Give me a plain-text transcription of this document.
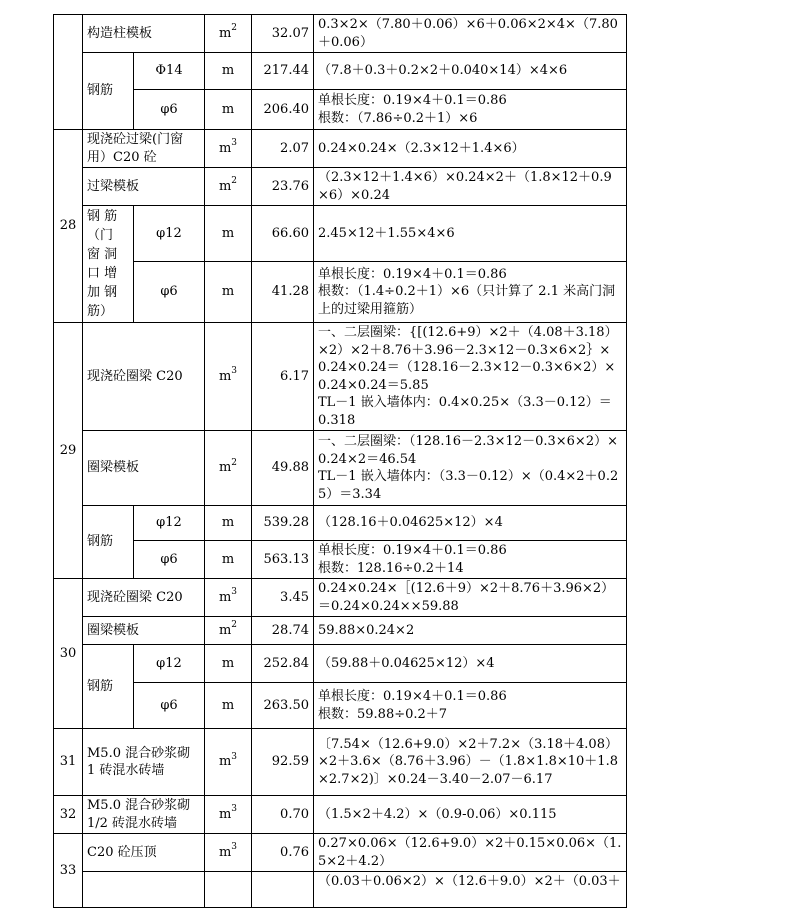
	构造柱模板		$m^2$	32.07	0.3×2×（7.80＋0.06）×6＋0.06×2×4×（7.80＋0.06）
	钢筋	Φ14	m	217.44	（7.8＋0.3＋0.2×2＋0.040×14）×4×6
		φ6	m	206.40	单根长度：0.19×4＋0.1＝0.86
根数：（7.86÷0.2＋1）×6
28	现浇砼过梁(门窗用）C20 砼		$m^3$	2.07	0.24×0.24×（2.3×12＋1.4×6）
	过梁模板		$m^2$	23.76	（2.3×12＋1.4×6）×0.24×2＋（1.8×12＋0.9×6）×0.24
	钢 筋 （门 窗 洞 口 增 加 钢 筋）	φ12	m	66.60	2.45×12＋1.55×4×6
		φ6	m	41.28	单根长度：0.19×4＋0.1＝0.86
根数：（1.4÷0.2＋1）×6（只计算了 2.1 米高门洞上的过梁用箍筋）
29	现浇砼圈梁 C20		$m^3$	6.17	一、二层圈梁：{[(12.6+9）×2＋（4.08＋3.18）×2）×2＋8.76＋3.96－2.3×12－0.3×6×2｝×0.24×0.24＝（128.16－2.3×12－0.3×6×2）×0.24×0.24＝5.85
TL－1 嵌入墙体内：0.4×0.25×（3.3－0.12）＝0.318
	圈梁模板		$m^2$	49.88	一、二层圈梁：（128.16－2.3×12－0.3×6×2）×0.24×2＝46.54
TL－1 嵌入墙体内：（3.3－0.12）×（0.4×2＋0.25）＝3.34
	钢筋	φ12	m	539.28	（128.16＋0.04625×12）×4
		φ6	m	563.13	单根长度：0.19×4＋0.1＝0.86
根数：128.16÷0.2＋14
30	现浇砼圈梁 C20		$m^3$	3.45	0.24×0.24×［(12.6＋9）×2＋8.76＋3.96×2）＝0.24×0.24××59.88
	圈梁模板		$m^2$	28.74	59.88×0.24×2
	钢筋	φ12	m	252.84	（59.88＋0.04625×12）×4
		φ6	m	263.50	单根长度：0.19×4＋0.1＝0.86
根数：59.88÷0.2＋7
31	M5.0 混合砂浆砌 1 砖混水砖墙		$m^3$	92.59	〔7.54×（12.6+9.0）×2＋7.2×（3.18＋4.08）×2＋3.6×（8.76＋3.96）－（1.8×1.8×10＋1.8×2.7×2)〕×0.24－3.40－2.07－6.17
32	M5.0 混合砂浆砌 1/2 砖混水砖墙		$m^3$	0.70	（1.5×2＋4.2）×（0.9-0.06）×0.115
33	C20 砼压顶		$m^3$	0.76	0.27×0.06×（12.6+9.0）×2＋0.15×0.06×（1.5×2＋4.2）
					（0.03＋0.06×2）×（12.6＋9.0）×2＋（0.03＋
